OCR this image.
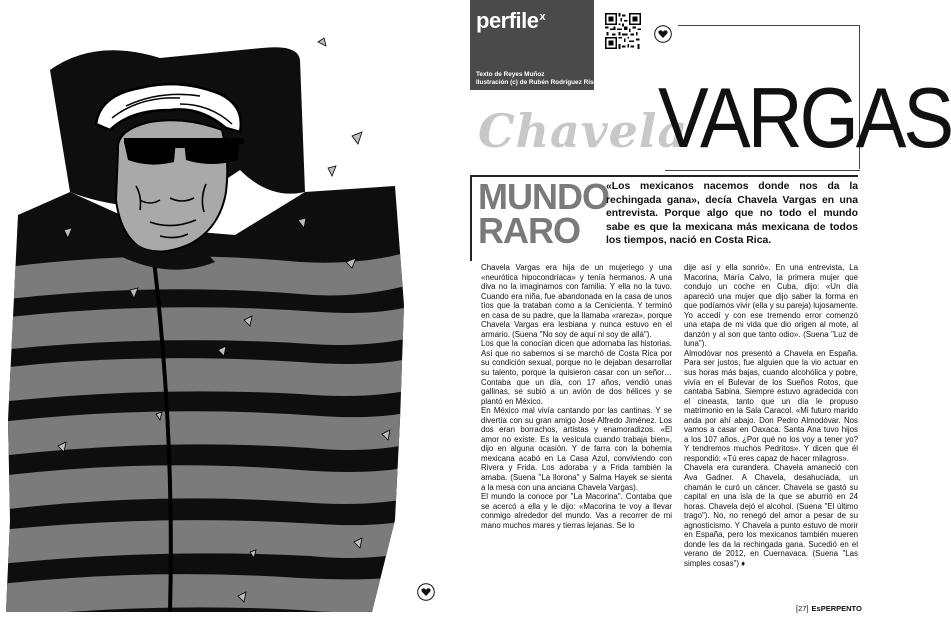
perfile$^x$
Texto de Reyes Muñoz
Ilustración (c) de Rubén Rodríguez Risquez
Chavela
VARGAS
MUNDO
RARO
«Los mexicanos nacemos donde nos da la rechingada gana», decía Chavela Vargas en una entrevista. Porque algo que no todo el mundo sabe es que la mexicana más mexicana de todos los tiempos, nació en Costa Rica.

Chavela Vargas era hija de un mujeriego y una «neurótica hipocondríaca» y tenía hermanos. A una diva no la imaginamos con familia. Y ella no la tuvo. Cuando era niña, fue abandonada en la casa de unos tíos que la trataban como a la Cenicienta. Y terminó en casa de su padre, que la llamaba «rareza», porque Chavela Vargas era lesbiana y nunca estuvo en el armario. (Suena "No soy de aquí ni soy de allá").

Los que la conocían dicen que adornaba las historias. Así que no sabemos si se marchó de Costa Rica por su condición sexual, porque no le dejaban desarrollar su talento, porque la quisieron casar con un señor… Contaba que un día, con 17 años, vendió unas gallinas, se subió a un avión de dos hélices y se plantó en México.

En México mal vivía cantando por las cantinas. Y se divertía con su gran amigo José Alfredo Jiménez. Los dos eran borrachos, artistas y enamoradizos. «El amor no existe. Es la vesícula cuando trabaja bien», dijo en alguna ocasión. Y de farra con la bohemia mexicana acabó en La Casa Azul, conviviendo con Rivera y Frida. Los adoraba y a Frida también la amaba. (Suena "La llorona" y Salma Hayek se sienta a la mesa con una anciana Chavela Vargas).

El mundo la conoce por "La Macorina". Contaba que se acercó a ella y le dijo: «Macorina te voy a llevar conmigo alrededor del mundo. Vas a recorrer de mi mano muchos mares y tierras lejanas. Se lo

dije así y ella sonrió». En una entrevista, La Macorina, María Calvo, la primera mujer que condujo un coche en Cuba, dijo: «Un día apareció una mujer que dijo saber la forma en que podíamos vivir (ella y su pareja) lujosamente. Yo accedí y con ese tremendo error comenzó una etapa de mi vida que dio origen al mote, al danzón y al son que tanto odio». (Suena "Luz de luna").

Almodóvar nos presentó a Chavela en España. Para ser justos, fue alguien que la vio actuar en sus horas más bajas, cuando alcohólica y pobre, vivía en el Bulevar de los Sueños Rotos, que cantaba Sabina. Siempre estuvo agradecida con el cineasta, tanto que un día le propuso matrimonio en la Sala Caracol. «Mi futuro marido anda por ahí abajo. Don Pedro Almodóvar. Nos vamos a casar en Oaxaca. Santa Ana tuvo hijos a los 107 años. ¿Por qué no los voy a tener yo? Y tendremos muchos Pedritos». Y dicen que él respondió: «Tú eres capaz de hacer milagros».

Chavela era curandera. Chavela amaneció con Ava Gadner. A Chavela, desahuciada, un chamán le curó un cáncer. Chavela se gastó su capital en una isla de la que se aburrió en 24 horas. Chavela dejó el alcohol. (Suena "El último trago"). No, no renegó del amor a pesar de su agnosticismo. Y Chavela a punto estuvo de morir en España, pero los mexicanos también mueren donde les da la rechingada gana. Sucedió en el verano de 2012, en Cuernavaca. (Suena "Las simples cosas") ♦

[27] EsPERPENTO
